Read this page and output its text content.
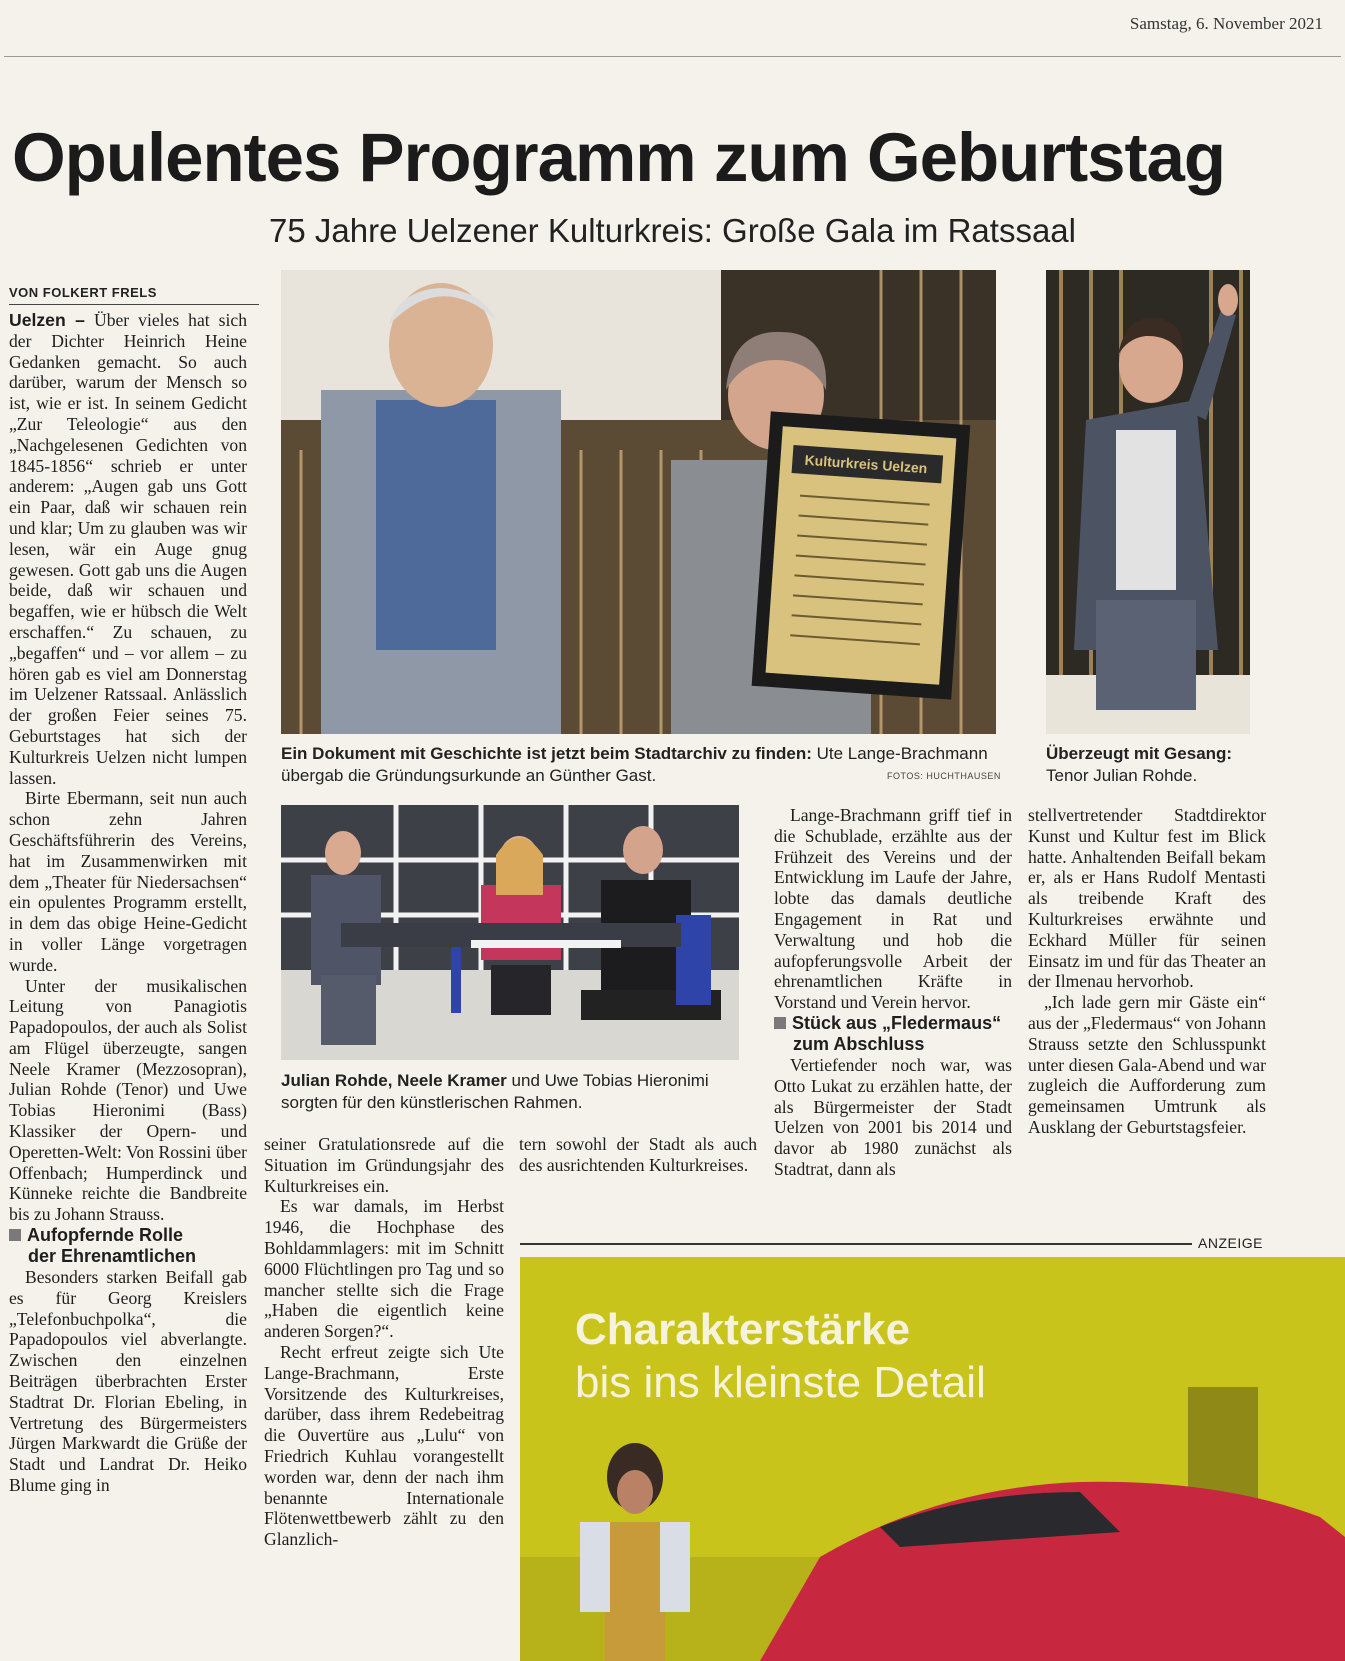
Samstag, 6. November 2021
Opulentes Programm zum Geburtstag
75 Jahre Uelzener Kulturkreis: Große Gala im Ratssaal
VON FOLKERT FRELS

Uelzen – Über vieles hat sich der Dichter Heinrich Heine Gedanken gemacht. So auch darüber, warum der Mensch so ist, wie er ist. In seinem Gedicht „Zur Teleologie“ aus den „Nachgelesenen Gedichten von 1845-1856“ schrieb er unter anderem: „Augen gab uns Gott ein Paar, daß wir schauen rein und klar; Um zu glauben was wir lesen, wär ein Auge gnug gewesen. Gott gab uns die Augen beide, daß wir schauen und begaffen, wie er hübsch die Welt erschaffen.“ Zu schauen, zu „begaffen“ und – vor allem – zu hören gab es viel am Donnerstag im Uelzener Ratssaal. Anlässlich der großen Feier seines 75. Geburtstages hat sich der Kulturkreis Uelzen nicht lumpen lassen.

Birte Ebermann, seit nun auch schon zehn Jahren Geschäftsführerin des Vereins, hat im Zusammenwirken mit dem „Theater für Niedersachsen“ ein opulentes Programm erstellt, in dem das obige Heine-Gedicht in voller Länge vorgetragen wurde.

Unter der musikalischen Leitung von Panagiotis Papadopoulos, der auch als Solist am Flügel überzeugte, sangen Neele Kramer (Mezzosopran), Julian Rohde (Tenor) und Uwe Tobias Hieronimi (Bass) Klassiker der Opern- und Operetten-Welt: Von Rossini über Offenbach; Humperdinck und Künneke reichte die Bandbreite bis zu Johann Strauss.

Aufopfernde Rolle
der Ehrenamtlichen

Besonders starken Beifall gab es für Georg Kreislers „Telefonbuchpolka“, die Papadopoulos viel abverlangte. Zwischen den einzelnen Beiträgen überbrachten Erster Stadtrat Dr. Florian Ebeling, in Vertretung des Bürgermeisters Jürgen Markwardt die Grüße der Stadt und Landrat Dr. Heiko Blume ging in

Kulturkreis Uelzen
Ein Dokument mit Geschichte ist jetzt beim Stadtarchiv zu finden: Ute Lange-Brachmann übergab die Gründungsurkunde an Günther Gast.	FOTOS: HUCHTHAUSEN
Überzeugt mit Gesang:
Tenor Julian Rohde.
Julian Rohde, Neele Kramer und Uwe Tobias Hieronimi sorgten für den künstlerischen Rahmen.

seiner Gratulationsrede auf die Situation im Gründungsjahr des Kulturkreises ein.

Es war damals, im Herbst 1946, die Hochphase des Bohldammlagers: mit im Schnitt 6000 Flüchtlingen pro Tag und so mancher stellte sich die Frage „Haben die eigentlich keine anderen Sorgen?“.

Recht erfreut zeigte sich Ute Lange-Brachmann, Erste Vorsitzende des Kulturkreises, darüber, dass ihrem Redebeitrag die Ouvertüre aus „Lulu“ von Friedrich Kuhlau vorangestellt worden war, denn der nach ihm benannte Internationale Flötenwettbewerb zählt zu den Glanzlich-

tern sowohl der Stadt als auch des ausrichtenden Kulturkreises.

Lange-Brachmann griff tief in die Schublade, erzählte aus der Frühzeit des Vereins und der Entwicklung im Laufe der Jahre, lobte das damals deutliche Engagement in Rat und Verwaltung und hob die aufopferungsvolle Arbeit der ehrenamtlichen Kräfte in Vorstand und Verein hervor.

Stück aus „Fledermaus“
zum Abschluss

Vertiefender noch war, was Otto Lukat zu erzählen hatte, der als Bürgermeister der Stadt Uelzen von 2001 bis 2014 und davor ab 1980 zunächst als Stadtrat, dann als

stellvertretender Stadtdirektor Kunst und Kultur fest im Blick hatte. Anhaltenden Beifall bekam er, als er Hans Rudolf Mentasti als treibende Kraft des Kulturkreises erwähnte und Eckhard Müller für seinen Einsatz im und für das Theater an der Ilmenau hervorhob.

„Ich lade gern mir Gäste ein“ aus der „Fledermaus“ von Johann Strauss setzte den Schlusspunkt unter diesen Gala-Abend und war zugleich die Aufforderung zum gemeinsamen Umtrunk als Ausklang der Geburtstagsfeier.

ANZEIGE
Charakterstärke
bis ins kleinste Detail
